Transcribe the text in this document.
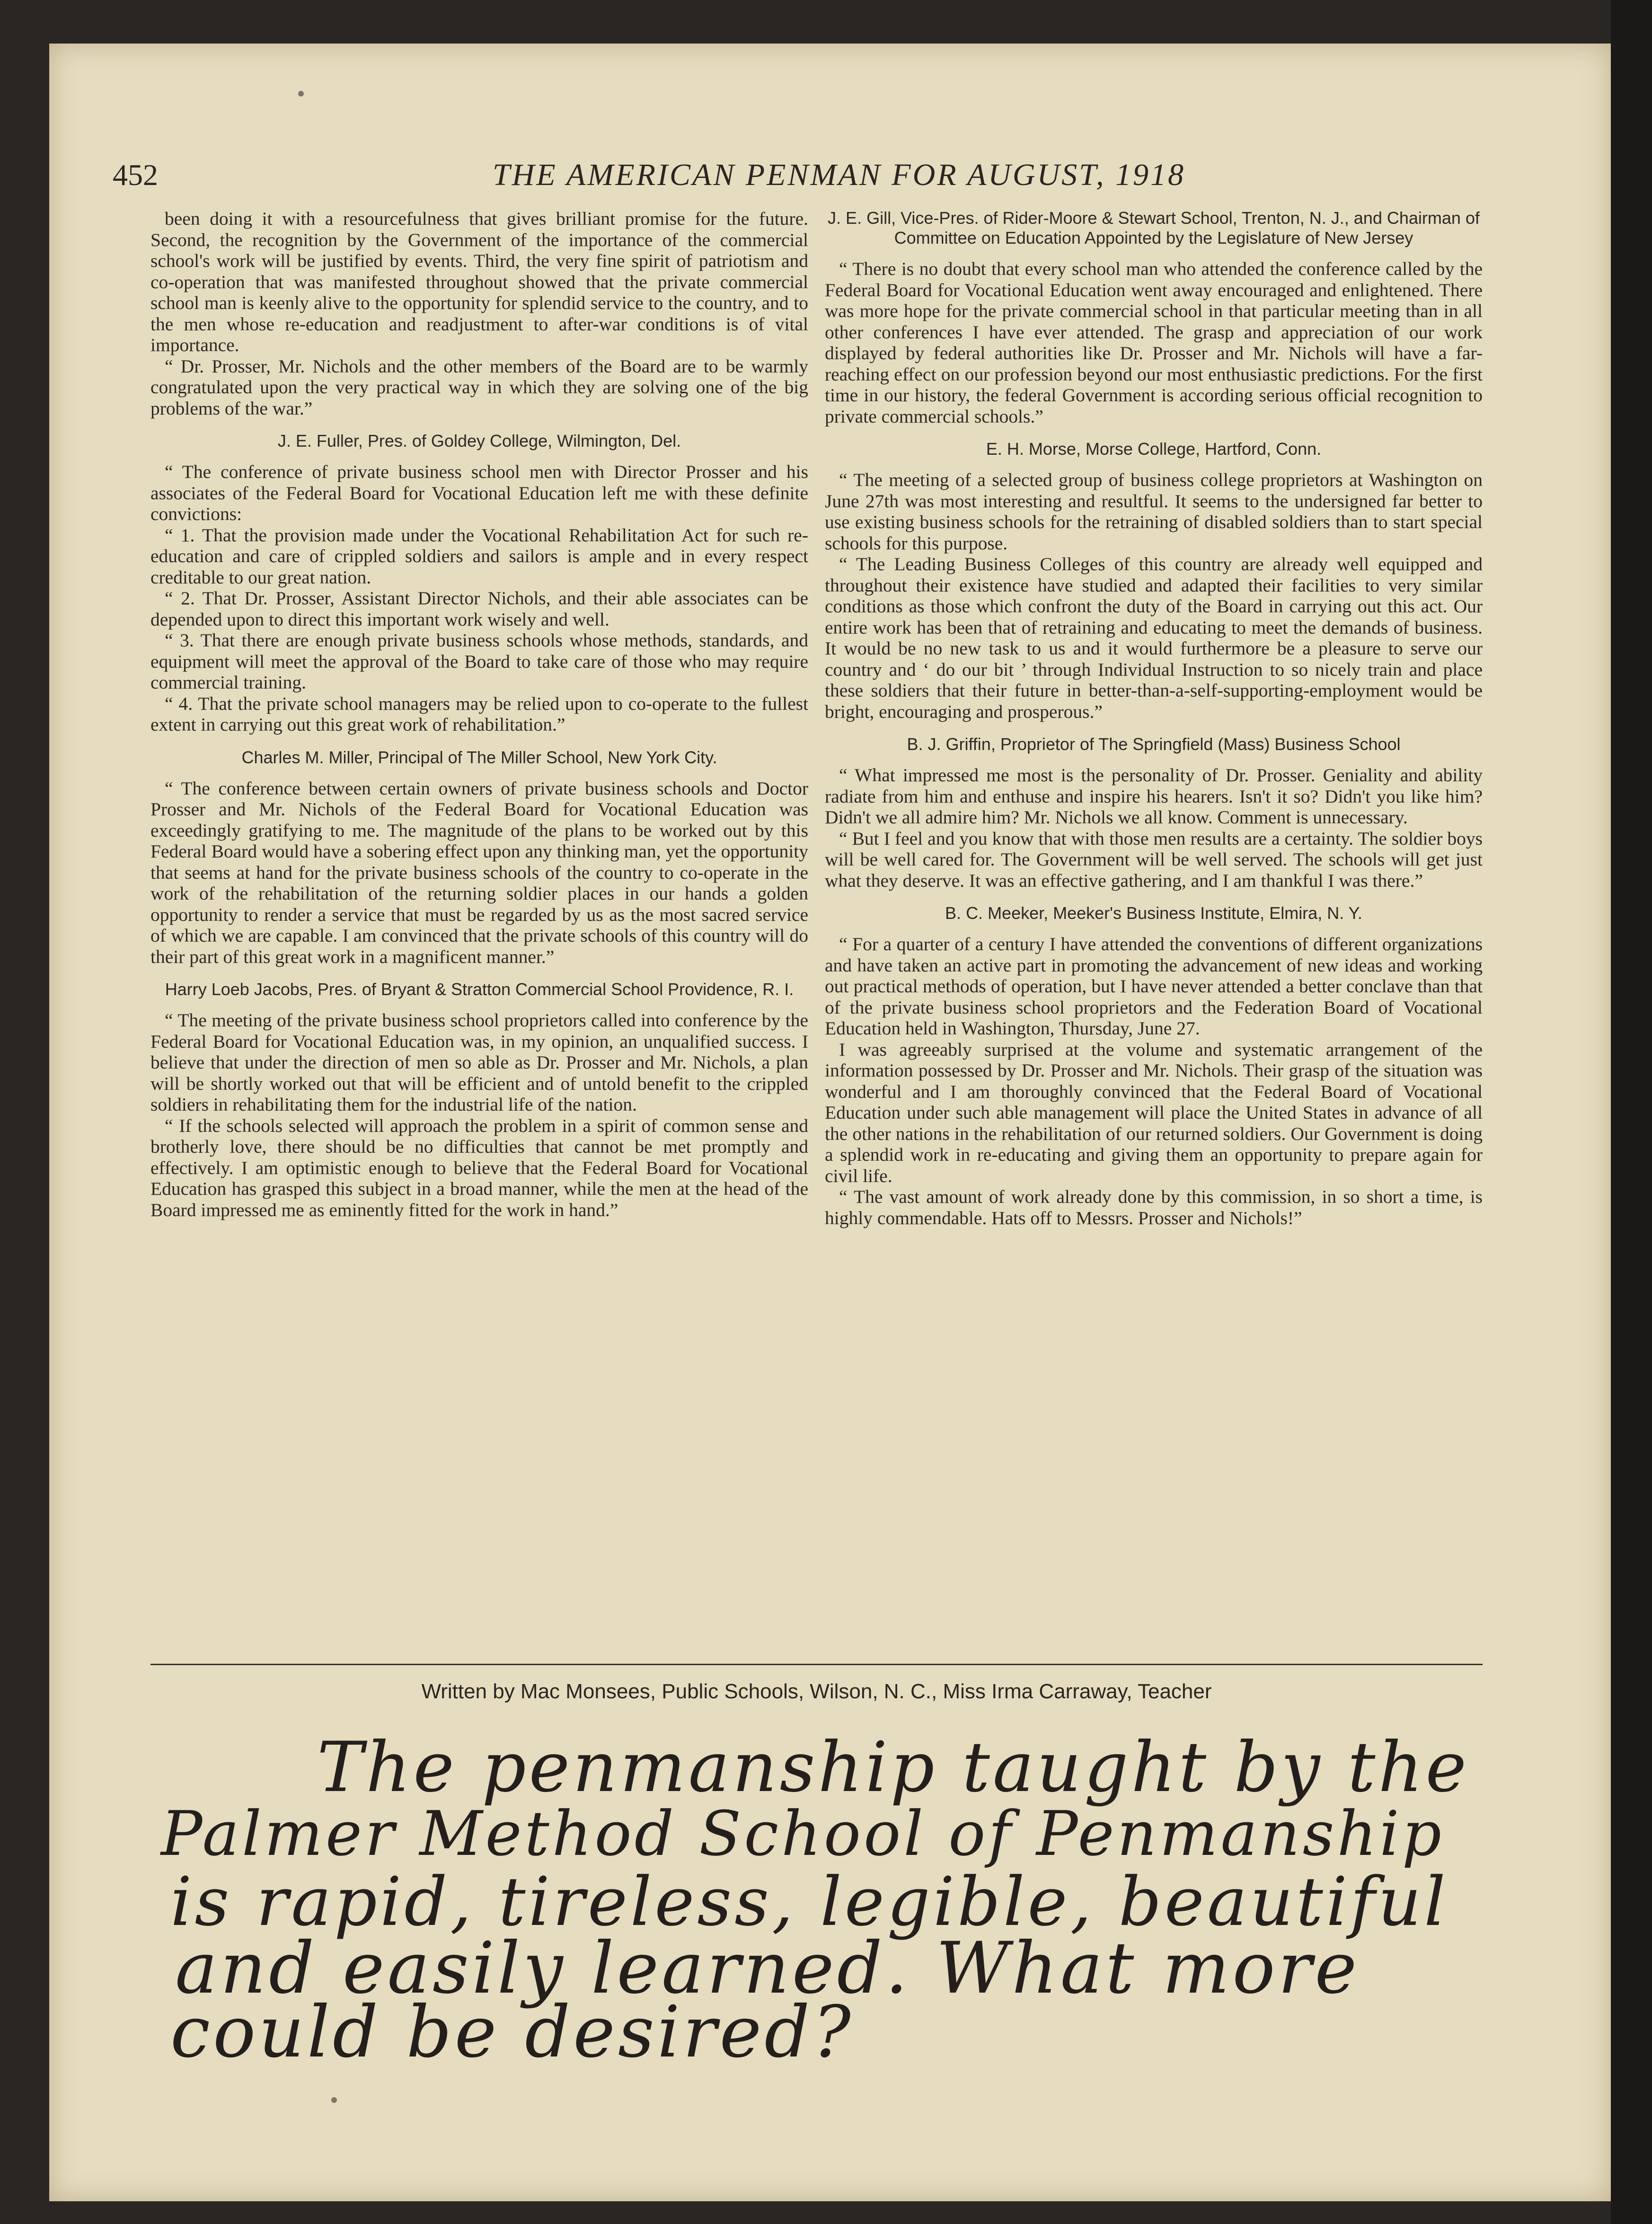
452	THE AMERICAN PENMAN FOR AUGUST, 1918

been doing it with a resourcefulness that gives brilliant promise for the future. Second, the recognition by the Government of the importance of the commercial school's work will be justified by events. Third, the very fine spirit of patriotism and co-operation that was manifested throughout showed that the private commercial school man is keenly alive to the opportunity for splendid service to the country, and to the men whose re-education and readjustment to after-war conditions is of vital importance.

“ Dr. Prosser, Mr. Nichols and the other members of the Board are to be warmly congratulated upon the very practical way in which they are solving one of the big problems of the war.”

J. E. Fuller, Pres. of Goldey College, Wilmington, Del.

“ The conference of private business school men with Director Prosser and his associates of the Federal Board for Vocational Education left me with these definite convictions:

“ 1. That the provision made under the Vocational Rehabilitation Act for such re-education and care of crippled soldiers and sailors is ample and in every respect creditable to our great nation.

“ 2. That Dr. Prosser, Assistant Director Nichols, and their able associates can be depended upon to direct this important work wisely and well.

“ 3. That there are enough private business schools whose methods, standards, and equipment will meet the approval of the Board to take care of those who may require commercial training.

“ 4. That the private school managers may be relied upon to co-operate to the fullest extent in carrying out this great work of rehabilitation.”

Charles M. Miller, Principal of The Miller School, New York City.

“ The conference between certain owners of private business schools and Doctor Prosser and Mr. Nichols of the Federal Board for Vocational Education was exceedingly gratifying to me. The magnitude of the plans to be worked out by this Federal Board would have a sobering effect upon any thinking man, yet the opportunity that seems at hand for the private business schools of the country to co-operate in the work of the rehabilitation of the returning soldier places in our hands a golden opportunity to render a service that must be regarded by us as the most sacred service of which we are capable. I am convinced that the private schools of this country will do their part of this great work in a magnificent manner.”

Harry Loeb Jacobs, Pres. of Bryant & Stratton Commercial School Providence, R. I.

“ The meeting of the private business school proprietors called into conference by the Federal Board for Vocational Education was, in my opinion, an unqualified success. I believe that under the direction of men so able as Dr. Prosser and Mr. Nichols, a plan will be shortly worked out that will be efficient and of untold benefit to the crippled soldiers in rehabilitating them for the industrial life of the nation.

“ If the schools selected will approach the problem in a spirit of common sense and brotherly love, there should be no difficulties that cannot be met promptly and effectively. I am optimistic enough to believe that the Federal Board for Vocational Education has grasped this subject in a broad manner, while the men at the head of the Board impressed me as eminently fitted for the work in hand.”

J. E. Gill, Vice-Pres. of Rider-Moore & Stewart School, Trenton, N. J., and Chairman of Committee on Education Appointed by the Legislature of New Jersey

“ There is no doubt that every school man who attended the conference called by the Federal Board for Vocational Education went away encouraged and enlightened. There was more hope for the private commercial school in that particular meeting than in all other conferences I have ever attended. The grasp and appreciation of our work displayed by federal authorities like Dr. Prosser and Mr. Nichols will have a far-reaching effect on our profession beyond our most enthusiastic predictions. For the first time in our history, the federal Government is according serious official recognition to private commercial schools.”

E. H. Morse, Morse College, Hartford, Conn.

“ The meeting of a selected group of business college proprietors at Washington on June 27th was most interesting and resultful. It seems to the undersigned far better to use existing business schools for the retraining of disabled soldiers than to start special schools for this purpose.

“ The Leading Business Colleges of this country are already well equipped and throughout their existence have studied and adapted their facilities to very similar conditions as those which confront the duty of the Board in carrying out this act. Our entire work has been that of retraining and educating to meet the demands of business. It would be no new task to us and it would furthermore be a pleasure to serve our country and ‘ do our bit ’ through Individual Instruction to so nicely train and place these soldiers that their future in better-than-a-self-supporting-employment would be bright, encouraging and prosperous.”

B. J. Griffin, Proprietor of The Springfield (Mass) Business School

“ What impressed me most is the personality of Dr. Prosser. Geniality and ability radiate from him and enthuse and inspire his hearers. Isn't it so? Didn't you like him? Didn't we all admire him? Mr. Nichols we all know. Comment is unnecessary.

“ But I feel and you know that with those men results are a certainty. The soldier boys will be well cared for. The Government will be well served. The schools will get just what they deserve. It was an effective gathering, and I am thankful I was there.”

B. C. Meeker, Meeker's Business Institute, Elmira, N. Y.

“ For a quarter of a century I have attended the conventions of different organizations and have taken an active part in promoting the advancement of new ideas and working out practical methods of operation, but I have never attended a better conclave than that of the private business school proprietors and the Federation Board of Vocational Education held in Washington, Thursday, June 27.

I was agreeably surprised at the volume and systematic arrangement of the information possessed by Dr. Prosser and Mr. Nichols. Their grasp of the situation was wonderful and I am thoroughly convinced that the Federal Board of Vocational Education under such able management will place the United States in advance of all the other nations in the rehabilitation of our returned soldiers. Our Government is doing a splendid work in re-educating and giving them an opportunity to prepare again for civil life.

“ The vast amount of work already done by this commission, in so short a time, is highly commendable. Hats off to Messrs. Prosser and Nichols!”

Written by Mac Monsees, Public Schools, Wilson, N. C., Miss Irma Carraway, Teacher
The penmanship taught by the
Palmer Method School of Penmanship
is rapid, tireless, legible, beautiful
and easily learned. What more
could be desired?
